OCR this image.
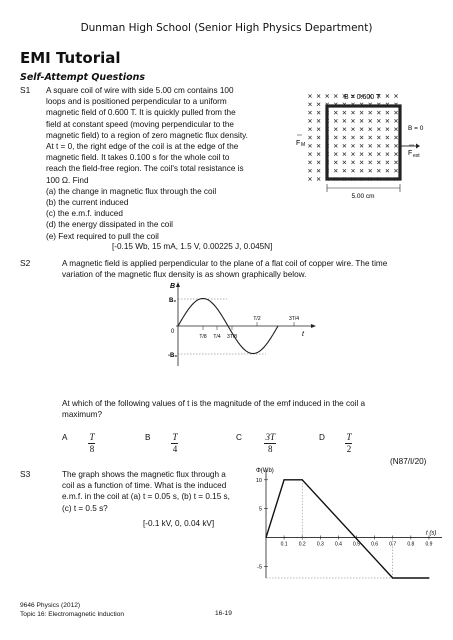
Dunman High School (Senior High Physics Department)
EMI Tutorial
Self-Attempt Questions
S1 A square coil of wire with side 5.00 cm contains 100
loops and is positioned perpendicular to a uniform
magnetic field of 0.600 T. It is quickly pulled from the
field at constant speed (moving perpendicular to the
magnetic field) to a region of zero magnetic flux density.
At t = 0, the right edge of the coil is at the edge of the
magnetic field. It takes 0.100 s for the whole coil to
reach the field-free region. The coil's total resistance is
100 Ω. Find
(a) the change in magnetic flux through the coil
(b) the current induced
(c) the e.m.f. induced
(d) the energy dissipated in the coil
(e) Fext required to pull the coil
[-0.15 Wb, 15 mA, 1.5 V, 0.00225 J, 0.045N]
5.00 cm
B = 0.600 T
B = 0
F M
F ext
S2	A magnetic field is applied perpendicular to the plane of a flat coil of copper wire. The time
variation of the magnetic flux density is as shown graphically below.
B
t
B₀
-B₀
0
T/8 T/4 3T/8
T/2	3T/4
At which of the following values of t is the magnitude of the emf induced in the coil a
maximum?
A $\frac{T}{8}$	B $\frac{T}{4}$	C	$\frac{3T}{8}$	D $\frac{T}{2}$
(N87/I/20)
S3	The graph shows the magnetic flux through a
coil as a function of time. What is the induced
e.m.f. in the coil at (a) t = 0.05 s, (b) t = 0.15 s,
(c) t = 0.5 s?
[-0.1 kV, 0, 0.04 kV]
10
5
-5
0.1 0.2 0.3 0.4 0.5 0.6 0.7 0.8 0.9
Φ(Wb)
t (s)
9646 Physics (2012)
Topic 16: Electromagnetic Induction	16-19
